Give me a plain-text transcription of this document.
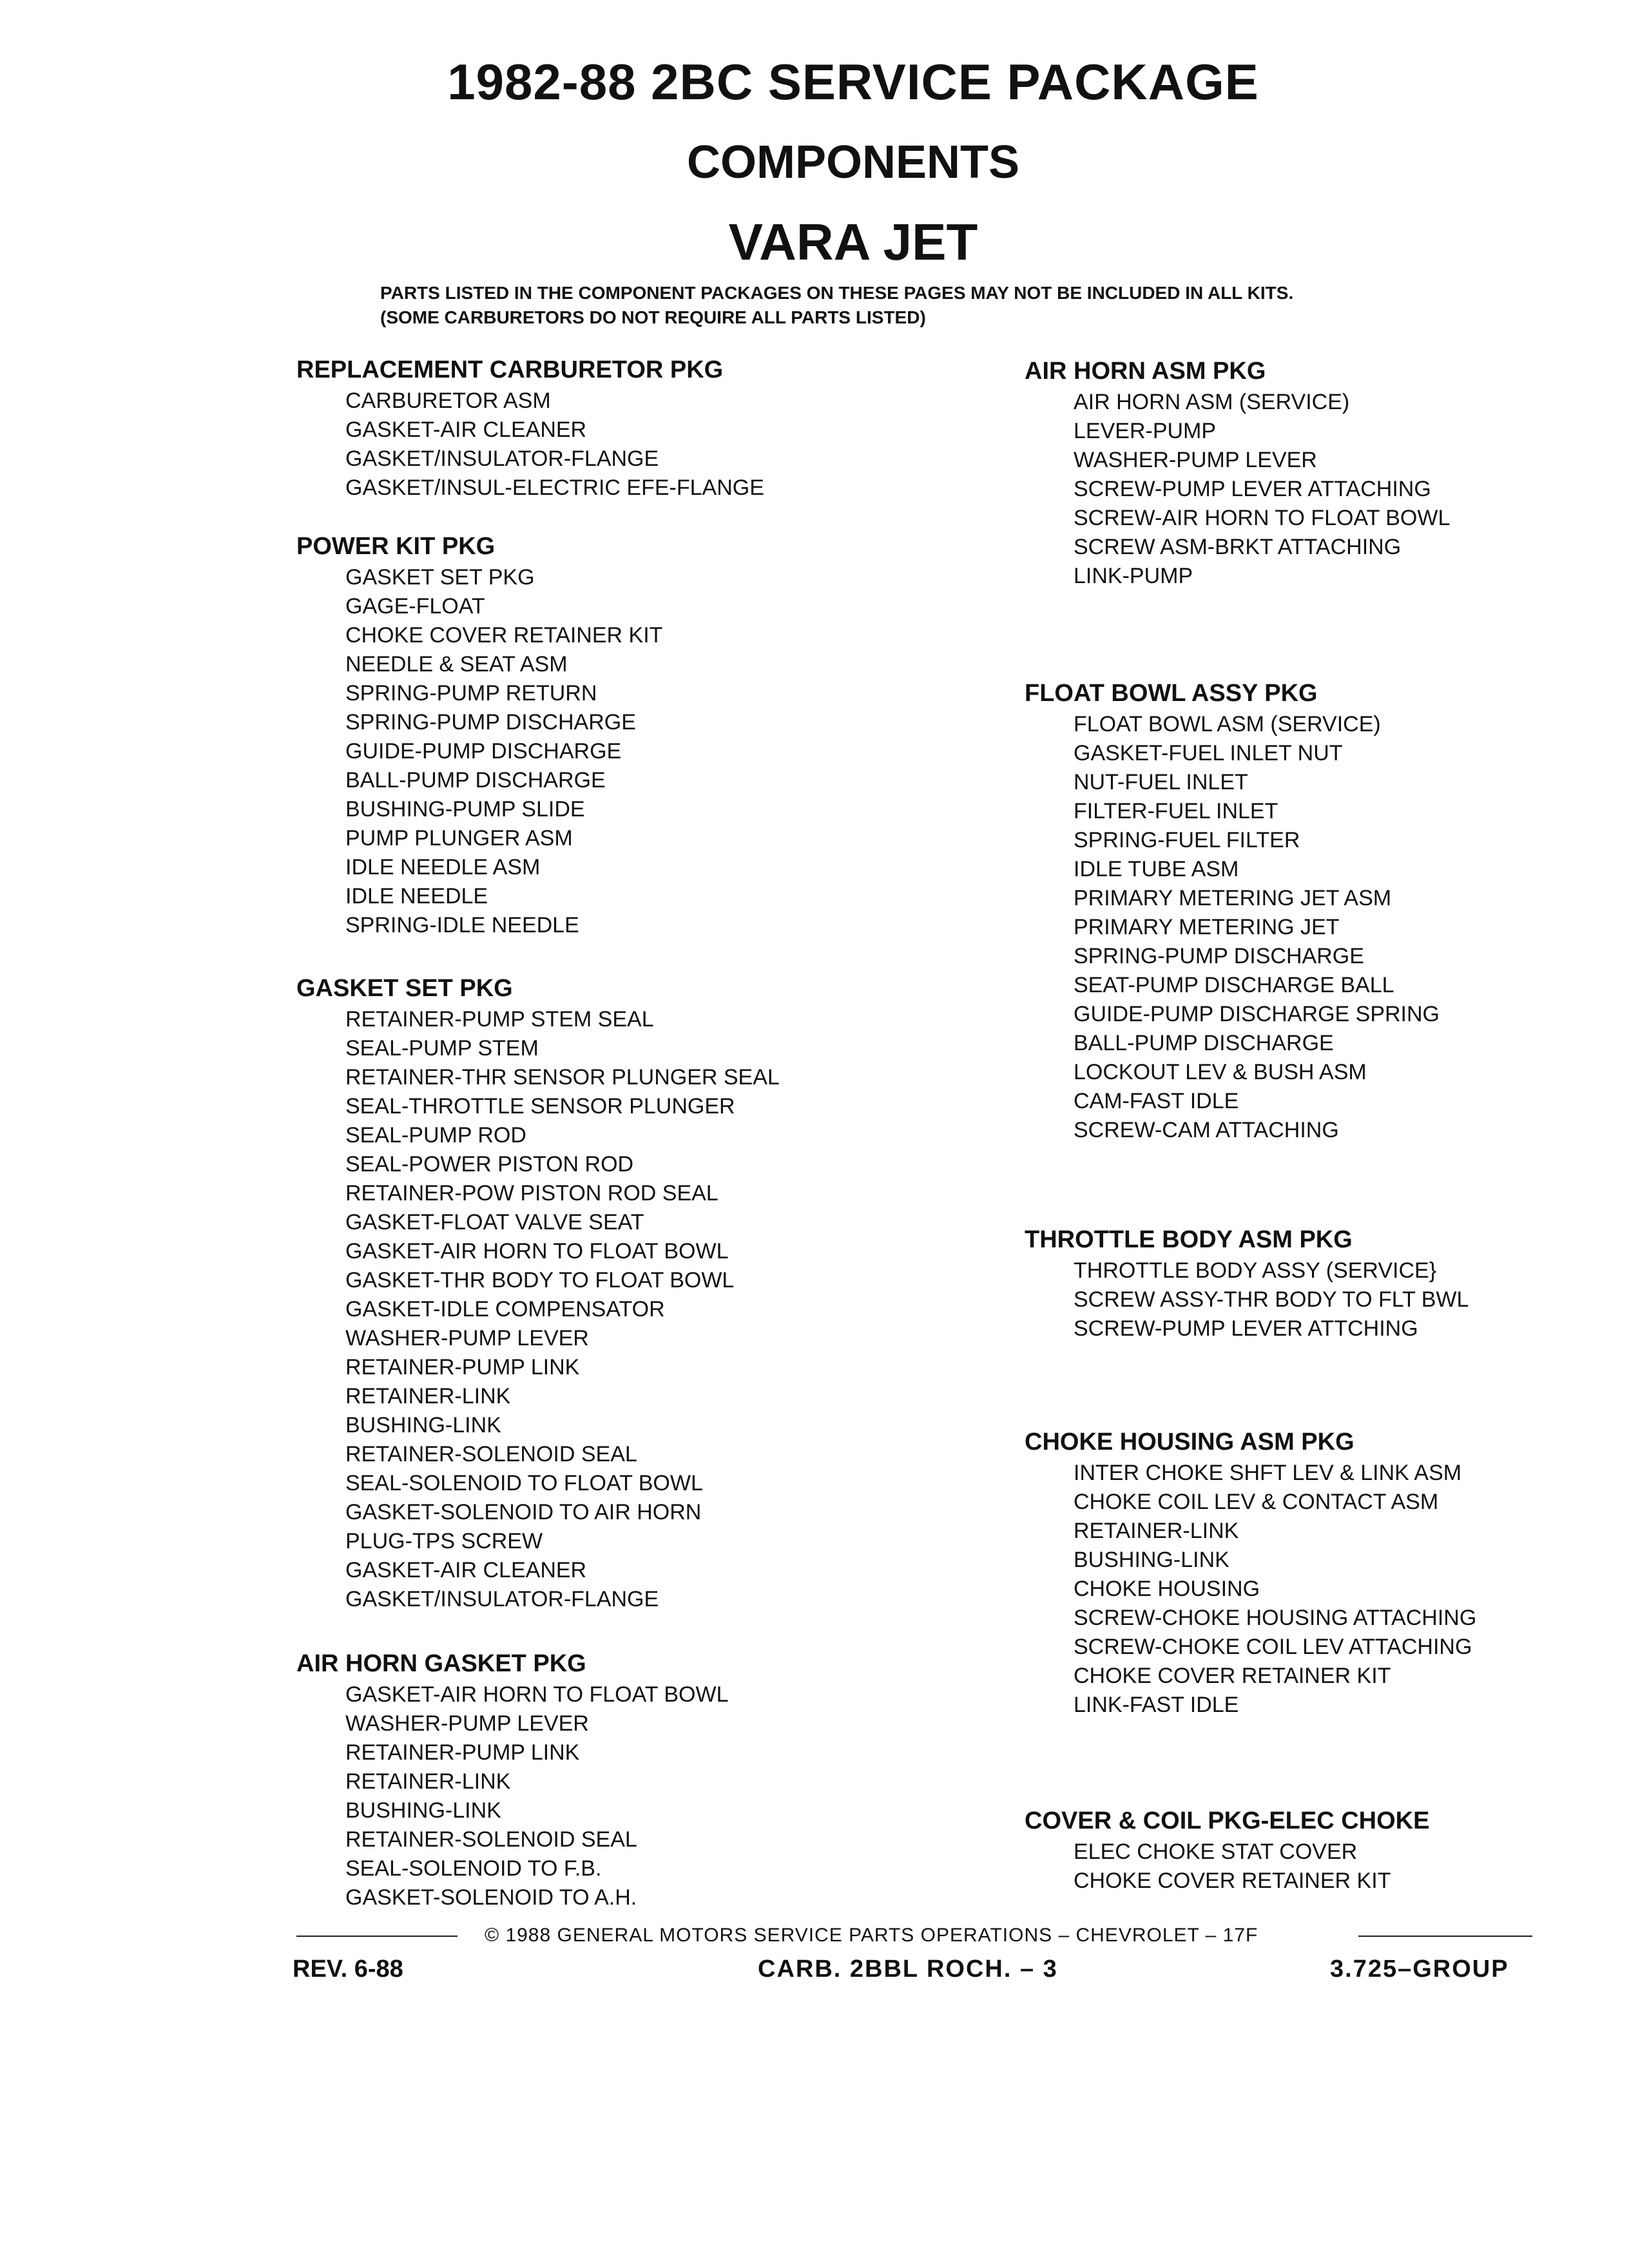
1982-88 2BC SERVICE PACKAGE
COMPONENTS
VARA JET
PARTS LISTED IN THE COMPONENT PACKAGES ON THESE PAGES MAY NOT BE INCLUDED IN ALL KITS.
(SOME CARBURETORS DO NOT REQUIRE ALL PARTS LISTED)
REPLACEMENT CARBURETOR PKG
CARBURETOR ASM
GASKET-AIR CLEANER
GASKET/INSULATOR-FLANGE
GASKET/INSUL-ELECTRIC EFE-FLANGE
POWER KIT PKG
GASKET SET PKG
GAGE-FLOAT
CHOKE COVER RETAINER KIT
NEEDLE & SEAT ASM
SPRING-PUMP RETURN
SPRING-PUMP DISCHARGE
GUIDE-PUMP DISCHARGE
BALL-PUMP DISCHARGE
BUSHING-PUMP SLIDE
PUMP PLUNGER ASM
IDLE NEEDLE ASM
IDLE NEEDLE
SPRING-IDLE NEEDLE
GASKET SET PKG
RETAINER-PUMP STEM SEAL
SEAL-PUMP STEM
RETAINER-THR SENSOR PLUNGER SEAL
SEAL-THROTTLE SENSOR PLUNGER
SEAL-PUMP ROD
SEAL-POWER PISTON ROD
RETAINER-POW PISTON ROD SEAL
GASKET-FLOAT VALVE SEAT
GASKET-AIR HORN TO FLOAT BOWL
GASKET-THR BODY TO FLOAT BOWL
GASKET-IDLE COMPENSATOR
WASHER-PUMP LEVER
RETAINER-PUMP LINK
RETAINER-LINK
BUSHING-LINK
RETAINER-SOLENOID SEAL
SEAL-SOLENOID TO FLOAT BOWL
GASKET-SOLENOID TO AIR HORN
PLUG-TPS SCREW
GASKET-AIR CLEANER
GASKET/INSULATOR-FLANGE
AIR HORN GASKET PKG
GASKET-AIR HORN TO FLOAT BOWL
WASHER-PUMP LEVER
RETAINER-PUMP LINK
RETAINER-LINK
BUSHING-LINK
RETAINER-SOLENOID SEAL
SEAL-SOLENOID TO F.B.
GASKET-SOLENOID TO A.H.
AIR HORN ASM PKG
AIR HORN ASM (SERVICE)
LEVER-PUMP
WASHER-PUMP LEVER
SCREW-PUMP LEVER ATTACHING
SCREW-AIR HORN TO FLOAT BOWL
SCREW ASM-BRKT ATTACHING
LINK-PUMP
FLOAT BOWL ASSY PKG
FLOAT BOWL ASM (SERVICE)
GASKET-FUEL INLET NUT
NUT-FUEL INLET
FILTER-FUEL INLET
SPRING-FUEL FILTER
IDLE TUBE ASM
PRIMARY METERING JET ASM
PRIMARY METERING JET
SPRING-PUMP DISCHARGE
SEAT-PUMP DISCHARGE BALL
GUIDE-PUMP DISCHARGE SPRING
BALL-PUMP DISCHARGE
LOCKOUT LEV & BUSH ASM
CAM-FAST IDLE
SCREW-CAM ATTACHING
THROTTLE BODY ASM PKG
THROTTLE BODY ASSY (SERVICE}
SCREW ASSY-THR BODY TO FLT BWL
SCREW-PUMP LEVER ATTCHING
CHOKE HOUSING ASM PKG
INTER CHOKE SHFT LEV & LINK ASM
CHOKE COIL LEV & CONTACT ASM
RETAINER-LINK
BUSHING-LINK
CHOKE HOUSING
SCREW-CHOKE HOUSING ATTACHING
SCREW-CHOKE COIL LEV ATTACHING
CHOKE COVER RETAINER KIT
LINK-FAST IDLE
COVER & COIL PKG-ELEC CHOKE
ELEC CHOKE STAT COVER
CHOKE COVER RETAINER KIT
© 1988 GENERAL MOTORS SERVICE PARTS OPERATIONS – CHEVROLET – 17F
REV. 6-88	CARB. 2BBL ROCH. – 3	3.725–GROUP
